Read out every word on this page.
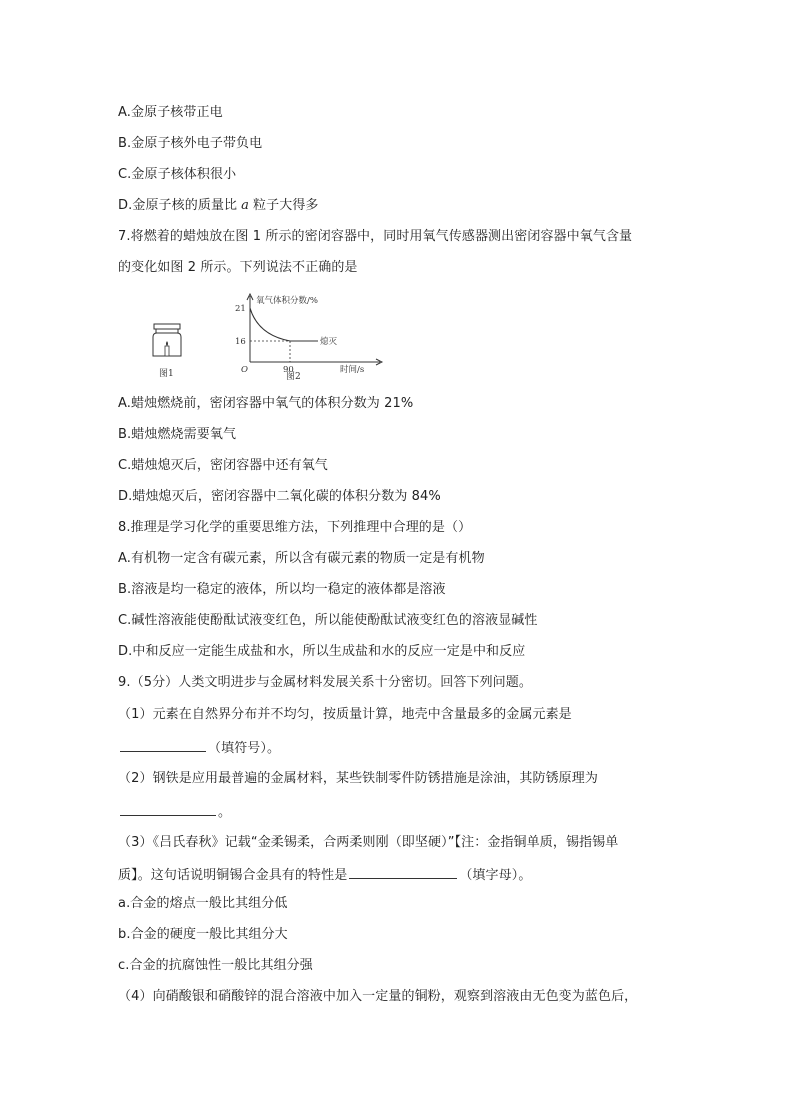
A.金原子核带正电
B.金原子核外电子带负电
C.金原子核体积很小
D.金原子核的质量比 a 粒子大得多
7.将燃着的蜡烛放在图 1 所示的密闭容器中，同时用氧气传感器测出密闭容器中氧气含量
的变化如图 2 所示。下列说法不正确的是
图1
氧气体积分数/%
21
16
O
熄灭
90	时间/s
图2
A.蜡烛燃烧前，密闭容器中氧气的体积分数为 21%
B.蜡烛燃烧需要氧气
C.蜡烛熄灭后，密闭容器中还有氧气
D.蜡烛熄灭后，密闭容器中二氧化碳的体积分数为 84%
8.推理是学习化学的重要思维方法，下列推理中合理的是（）
A.有机物一定含有碳元素，所以含有碳元素的物质一定是有机物
B.溶液是均一稳定的液体，所以均一稳定的液体都是溶液
C.碱性溶液能使酚酞试液变红色，所以能使酚酞试液变红色的溶液显碱性
D.中和反应一定能生成盐和水，所以生成盐和水的反应一定是中和反应
9.（5分）人类文明进步与金属材料发展关系十分密切。回答下列问题。
（1）元素在自然界分布并不均匀，按质量计算，地壳中含量最多的金属元素是
（填符号）。
（2）钢铁是应用最普遍的金属材料，某些铁制零件防锈措施是涂油，其防锈原理为
。
（3）《吕氏春秋》记载“金柔锡柔，合两柔则刚（即坚硬）”【注：金指铜单质，锡指锡单
质】。这句话说明铜锡合金具有的特性是	（填字母）。
a.合金的熔点一般比其组分低
b.合金的硬度一般比其组分大
c.合金的抗腐蚀性一般比其组分强
（4）向硝酸银和硝酸锌的混合溶液中加入一定量的铜粉，观察到溶液由无色变为蓝色后，
